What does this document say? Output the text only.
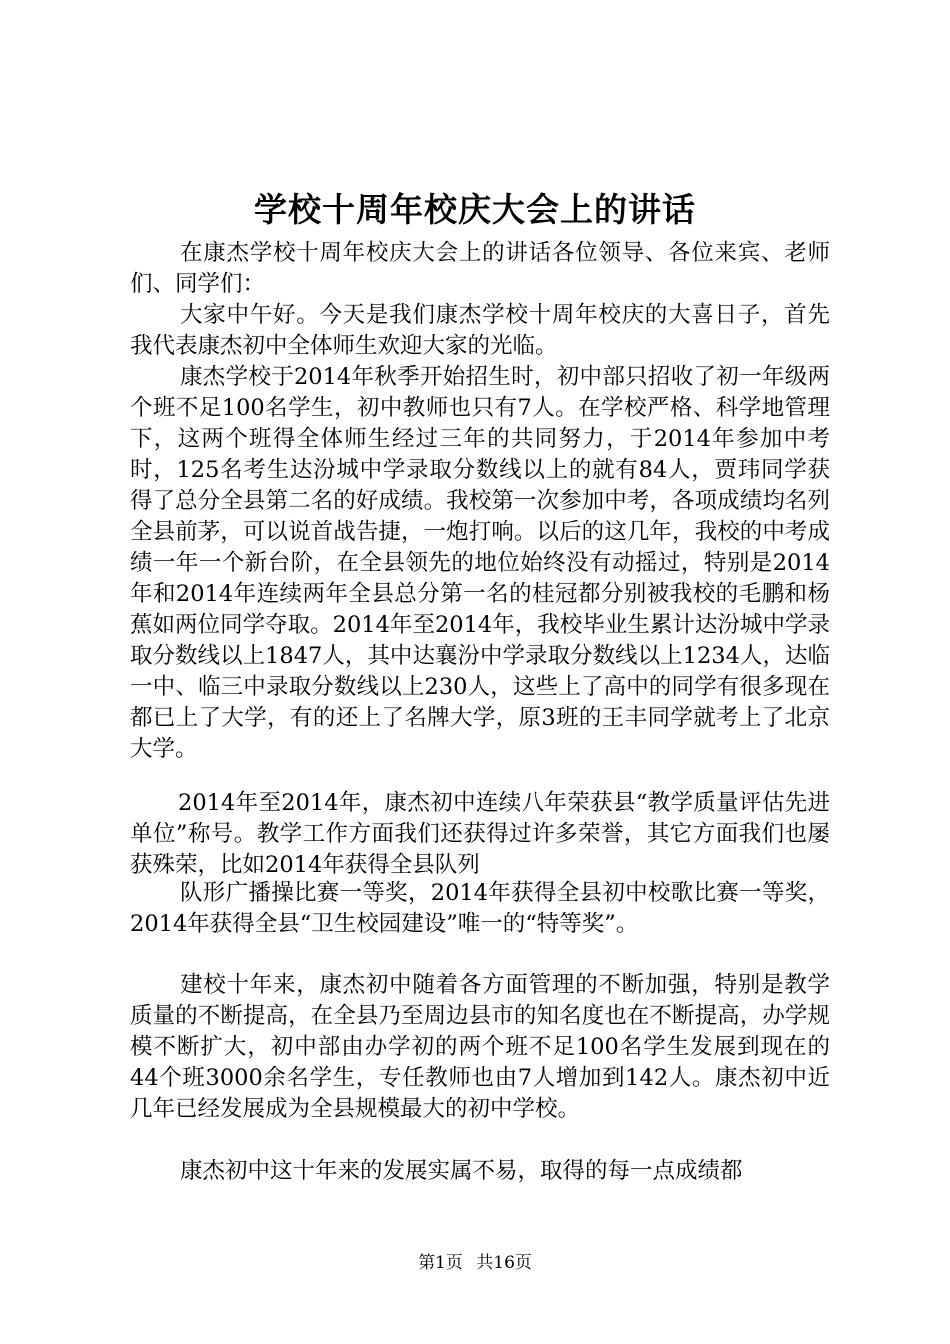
学校十周年校庆大会上的讲话

在康杰学校十周年校庆大会上的讲话各位领导、各位来宾、老师们、同学们：

大家中午好。今天是我们康杰学校十周年校庆的大喜日子，首先我代表康杰初中全体师生欢迎大家的光临。

康杰学校于2014年秋季开始招生时，初中部只招收了初一年级两个班不足100名学生，初中教师也只有7人。在学校严格、科学地管理下，这两个班得全体师生经过三年的共同努力，于2014年参加中考时，125名考生达汾城中学录取分数线以上的就有84人，贾玮同学获得了总分全县第二名的好成绩。我校第一次参加中考，各项成绩均名列全县前茅，可以说首战告捷，一炮打响。以后的这几年，我校的中考成绩一年一个新台阶，在全县领先的地位始终没有动摇过，特别是2014年和2014年连续两年全县总分第一名的桂冠都分别被我校的毛鹏和杨蕉如两位同学夺取。2014年至2014年，我校毕业生累计达汾城中学录取分数线以上1847人，其中达襄汾中学录取分数线以上1234人，达临一中、临三中录取分数线以上230人，这些上了高中的同学有很多现在都已上了大学，有的还上了名牌大学，原3班的王丰同学就考上了北京大学。

2014年至2014年，康杰初中连续八年荣获县“教学质量评估先进单位”称号。教学工作方面我们还获得过许多荣誉，其它方面我们也屡获殊荣，比如2014年获得全县队列

队形广播操比赛一等奖，2014年获得全县初中校歌比赛一等奖，2014年获得全县“卫生校园建设”唯一的“特等奖”。

建校十年来，康杰初中随着各方面管理的不断加强，特别是教学质量的不断提高，在全县乃至周边县市的知名度也在不断提高，办学规模不断扩大，初中部由办学初的两个班不足100名学生发展到现在的44个班3000余名学生，专任教师也由7人增加到142人。康杰初中近几年已经发展成为全县规模最大的初中学校。

康杰初中这十年来的发展实属不易，取得的每一点成绩都

第1页 共16页
